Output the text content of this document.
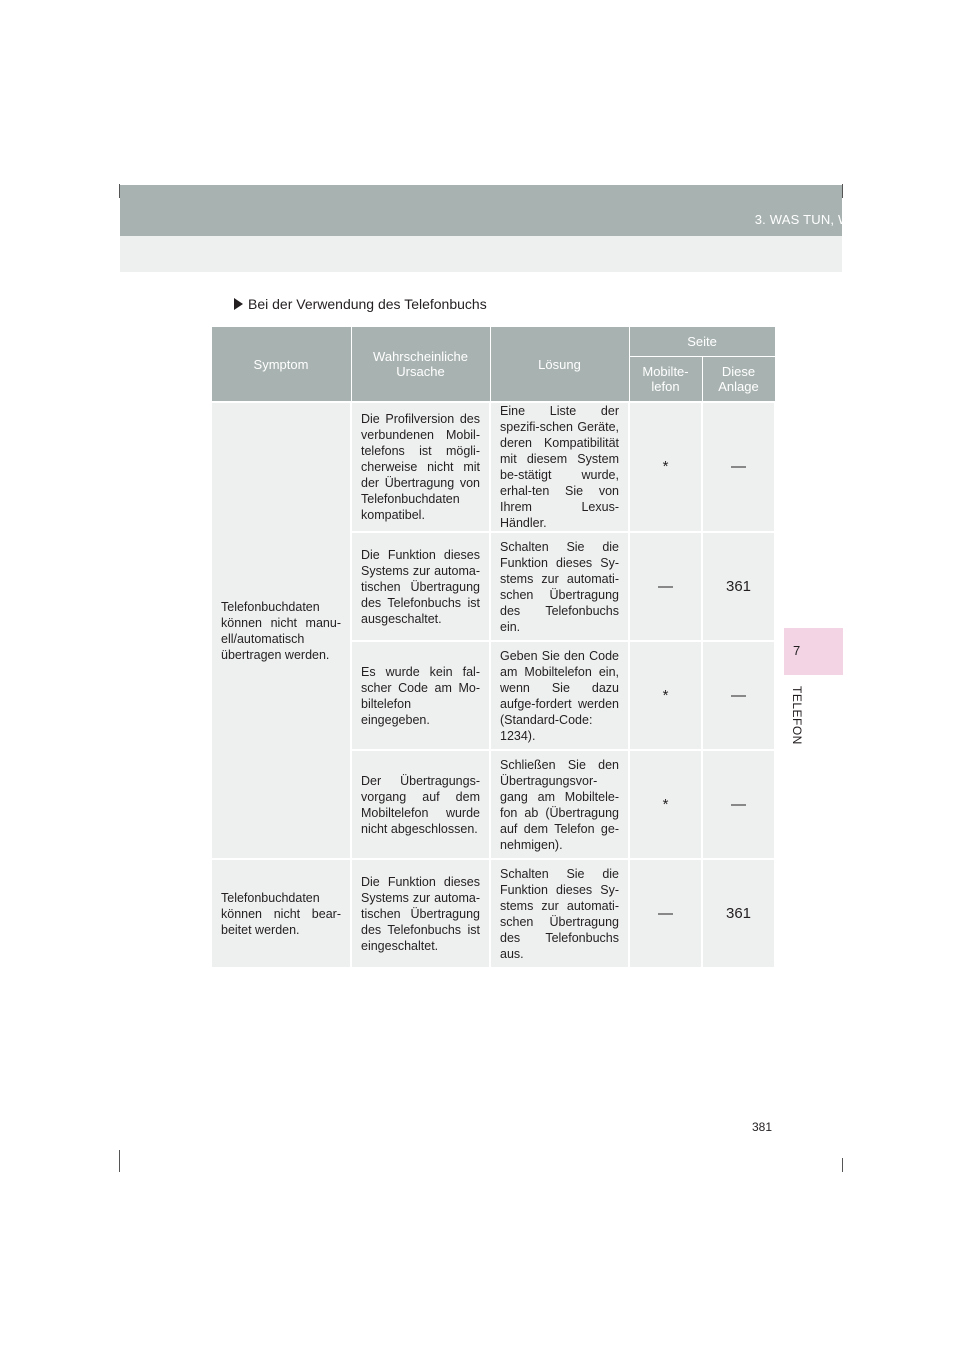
3. WAS TUN, WENN...
Bei der Verwendung des Telefonbuchs
Symptom	Wahrscheinliche Ursache	Lösung	Seite	
			Mobilte-lefon	Diese Anlage
Telefonbuchdaten können nicht manu-ell/automatisch übertragen werden.	Die Profilversion des verbundenen Mobil-telefons ist mögli-cherweise nicht mit der Übertragung von Telefonbuchdaten kompatibel.	Eine Liste der spezifi-schen Geräte, deren Kompatibilität mit diesem System be-stätigt wurde, erhal-ten Sie von Ihrem Lexus-Händler.	*	—
	Die Funktion dieses Systems zur automa-tischen Übertragung des Telefonbuchs ist ausgeschaltet.	Schalten Sie die Funktion dieses Sy-stems zur automati-schen Übertragung des Telefonbuchs ein.	—	361
	Es wurde kein fal-scher Code am Mo-biltelefon eingegeben.	Geben Sie den Code am Mobiltelefon ein, wenn Sie dazu aufge-fordert werden (Standard-Code: 1234).	*	—
	Der Übertragungs-vorgang auf dem Mobiltelefon wurde nicht abgeschlossen.	Schließen Sie den Übertragungsvor-gang am Mobiltele-fon ab (Übertragung auf dem Telefon ge-nehmigen).	*	—
Telefonbuchdaten können nicht bear-beitet werden.	Die Funktion dieses Systems zur automa-tischen Übertragung des Telefonbuchs ist eingeschaltet.	Schalten Sie die Funktion dieses Sy-stems zur automati-schen Übertragung des Telefonbuchs aus.	—	361
7
TELEFON
381
